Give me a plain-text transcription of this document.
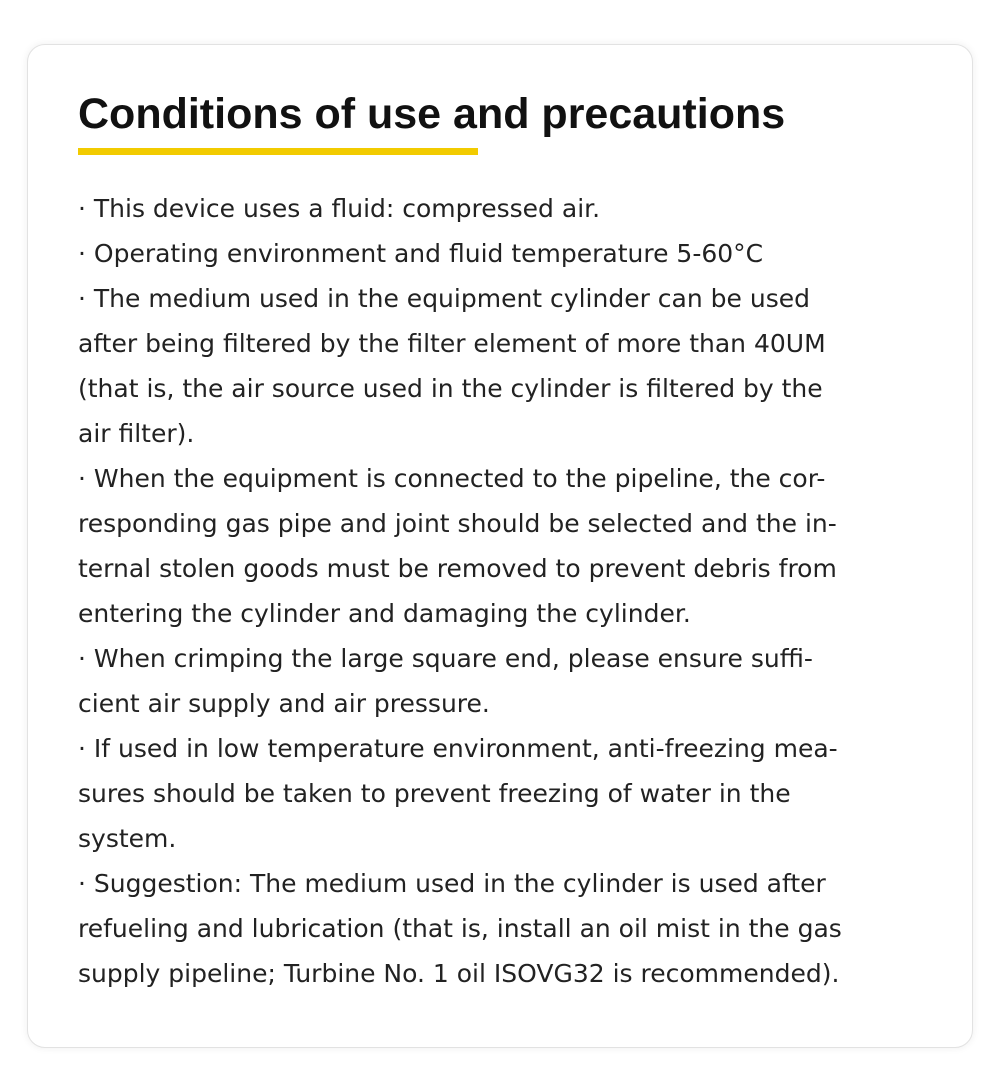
Conditions of use and precautions
· This device uses a fluid: compressed air.
· Operating environment and fluid temperature 5-60°C
· The medium used in the equipment cylinder can be used
after being filtered by the filter element of more than 40UM
(that is, the air source used in the cylinder is filtered by the
air filter).
· When the equipment is connected to the pipeline, the cor-
responding gas pipe and joint should be selected and the in-
ternal stolen goods must be removed to prevent debris from
entering the cylinder and damaging the cylinder.
· When crimping the large square end, please ensure suffi-
cient air supply and air pressure.
· If used in low temperature environment, anti-freezing mea-
sures should be taken to prevent freezing of water in the
system.
· Suggestion: The medium used in the cylinder is used after
refueling and lubrication (that is, install an oil mist in the gas
supply pipeline; Turbine No. 1 oil ISOVG32 is recommended).
